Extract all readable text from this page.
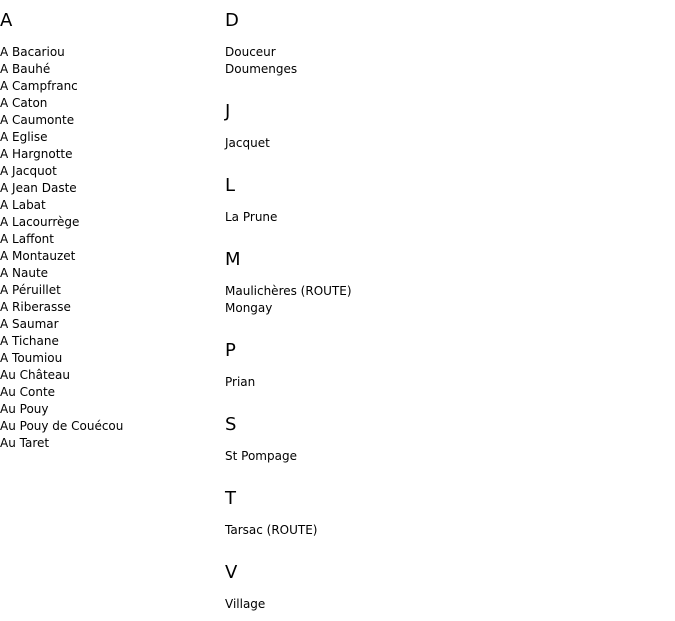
A
A Bacariou
A Bauhé
A Campfranc
A Caton
A Caumonte
A Eglise
A Hargnotte
A Jacquot
A Jean Daste
A Labat
A Lacourrège
A Laffont
A Montauzet
A Naute
A Péruillet
A Riberasse
A Saumar
A Tichane
A Toumiou
Au Château
Au Conte
Au Pouy
Au Pouy de Couécou
Au Taret
D
Douceur
Doumenges
J
Jacquet
L
La Prune
M
Maulichères (ROUTE)
Mongay
P
Prian
S
St Pompage
T
Tarsac (ROUTE)
V
Village
